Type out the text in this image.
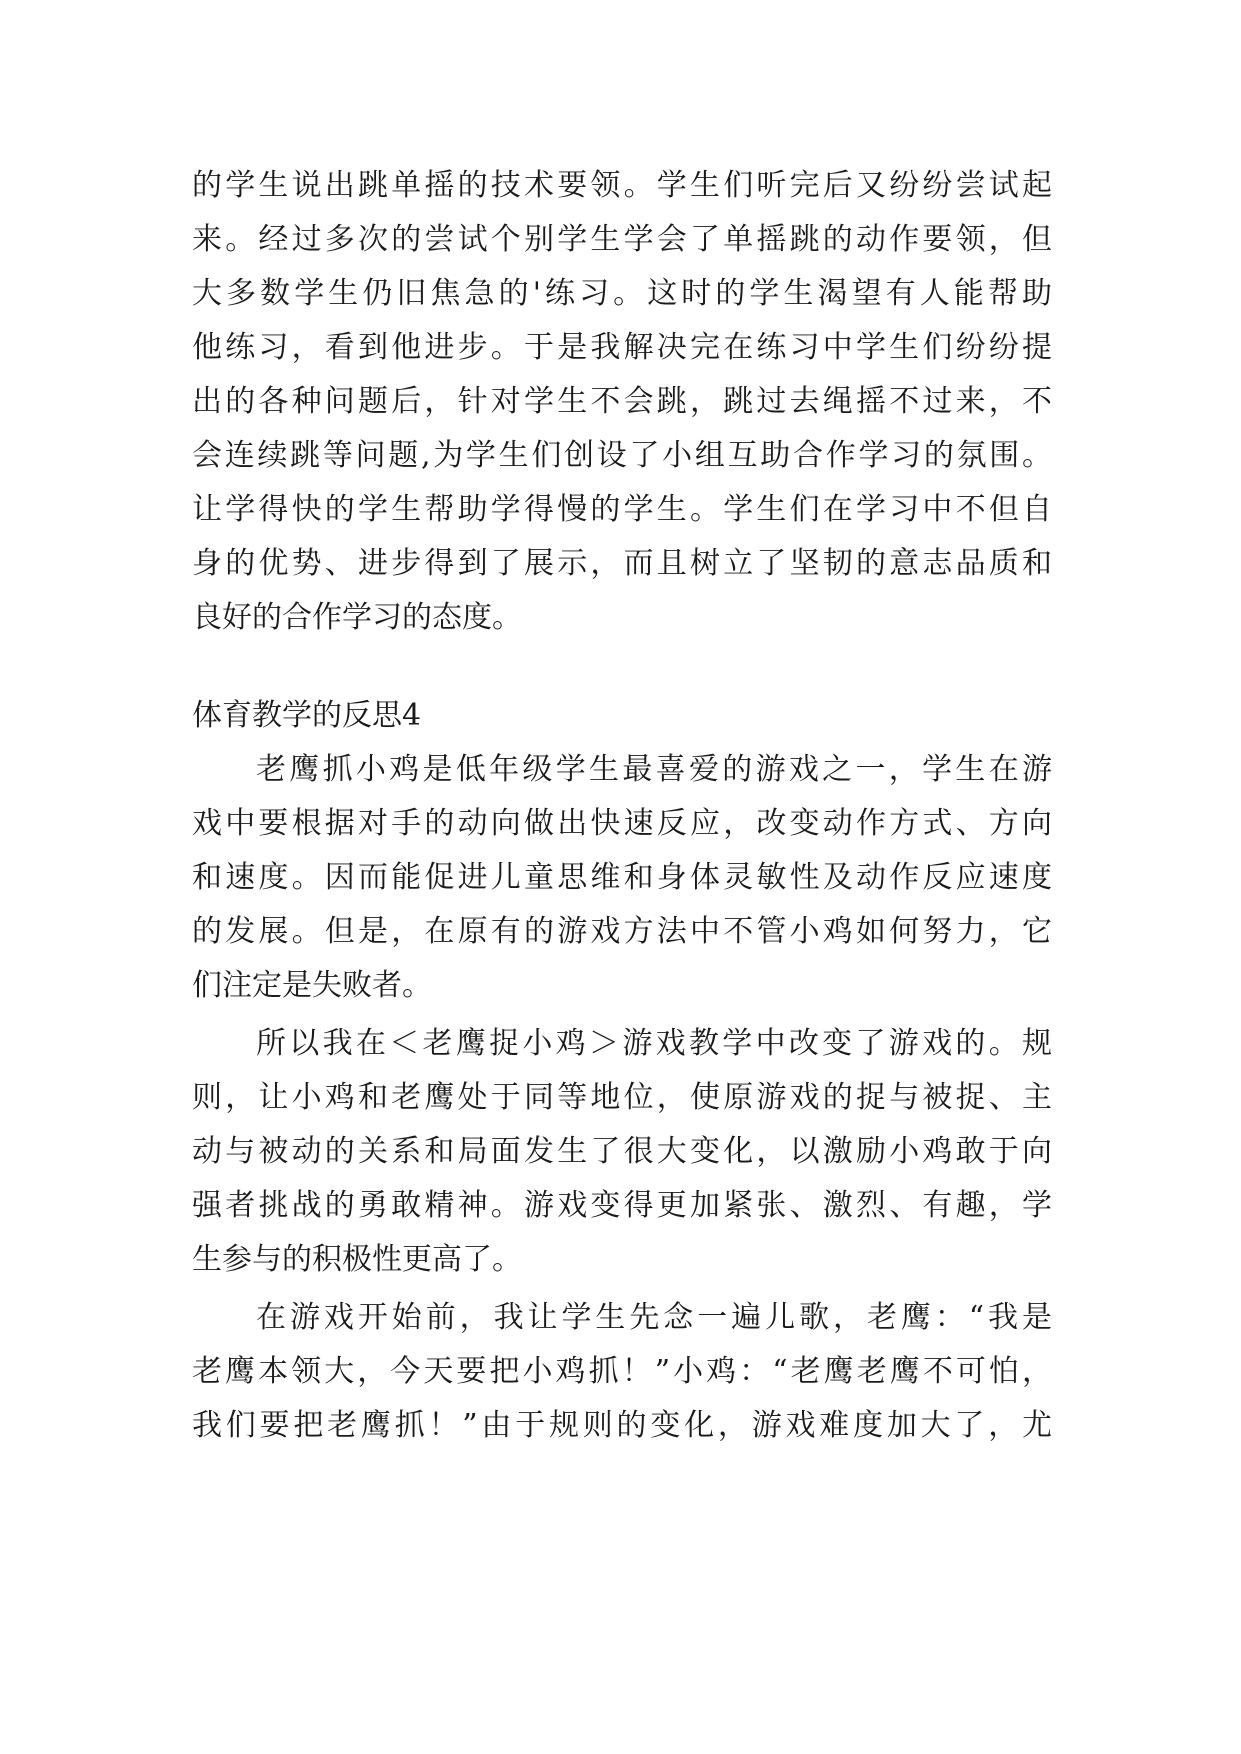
的学生说出跳单摇的技术要领。学生们听完后又纷纷尝试起
来。经过多次的尝试个别学生学会了单摇跳的动作要领，但
大多数学生仍旧焦急的'练习。这时的学生渴望有人能帮助
他练习，看到他进步。于是我解决完在练习中学生们纷纷提
出的各种问题后，针对学生不会跳，跳过去绳摇不过来，不
会连续跳等问题,为学生们创设了小组互助合作学习的氛围。
让学得快的学生帮助学得慢的学生。学生们在学习中不但自
身的优势、进步得到了展示，而且树立了坚韧的意志品质和
良好的合作学习的态度。
体育教学的反思4
老鹰抓小鸡是低年级学生最喜爱的游戏之一，学生在游
戏中要根据对手的动向做出快速反应，改变动作方式、方向
和速度。因而能促进儿童思维和身体灵敏性及动作反应速度
的发展。但是，在原有的游戏方法中不管小鸡如何努力，它
们注定是失败者。
所以我在＜老鹰捉小鸡＞游戏教学中改变了游戏的。规
则，让小鸡和老鹰处于同等地位，使原游戏的捉与被捉、主
动与被动的关系和局面发生了很大变化，以激励小鸡敢于向
强者挑战的勇敢精神。游戏变得更加紧张、激烈、有趣，学
生参与的积极性更高了。
在游戏开始前，我让学生先念一遍儿歌，老鹰：“我是
老鹰本领大，今天要把小鸡抓！”小鸡：“老鹰老鹰不可怕，
我们要把老鹰抓！”由于规则的变化，游戏难度加大了，尤
